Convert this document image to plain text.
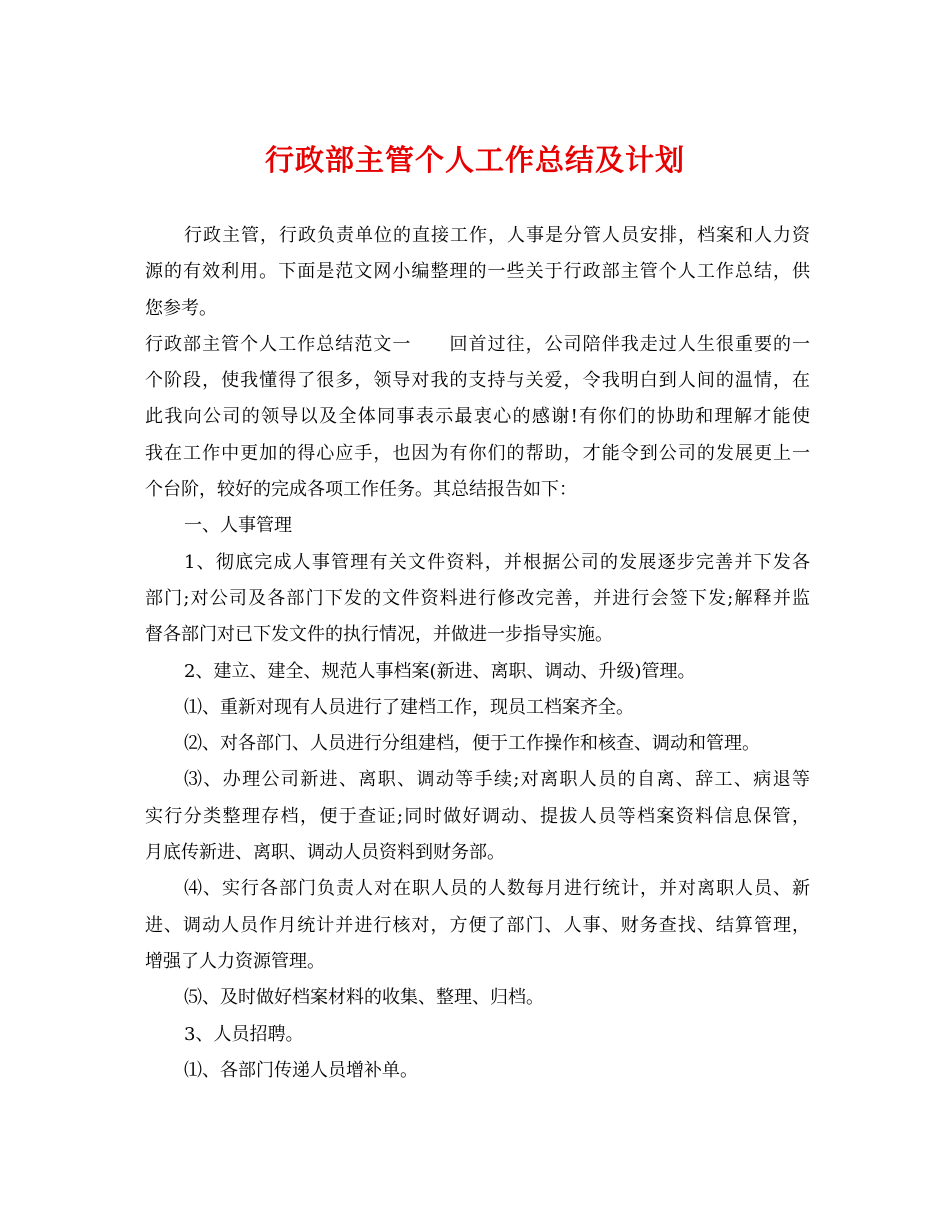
行政部主管个人工作总结及计划
行政主管，行政负责单位的直接工作，人事是分管人员安排，档案和人力资
源的有效利用。下面是范文网小编整理的一些关于行政部主管个人工作总结，供
您参考。
行政部主管个人工作总结范文一　　回首过往，公司陪伴我走过人生很重要的一
个阶段，使我懂得了很多，领导对我的支持与关爱，令我明白到人间的温情，在
此我向公司的领导以及全体同事表示最衷心的感谢!有你们的协助和理解才能使
我在工作中更加的得心应手，也因为有你们的帮助，才能令到公司的发展更上一
个台阶，较好的完成各项工作任务。其总结报告如下：
一、人事管理
1、彻底完成人事管理有关文件资料，并根据公司的发展逐步完善并下发各
部门;对公司及各部门下发的文件资料进行修改完善，并进行会签下发;解释并监
督各部门对已下发文件的执行情况，并做进一步指导实施。
2、建立、建全、规范人事档案(新进、离职、调动、升级)管理。
⑴、重新对现有人员进行了建档工作，现员工档案齐全。
⑵、对各部门、人员进行分组建档，便于工作操作和核查、调动和管理。
⑶、办理公司新进、离职、调动等手续;对离职人员的自离、辞工、病退等
实行分类整理存档，便于查证;同时做好调动、提拔人员等档案资料信息保管，
月底传新进、离职、调动人员资料到财务部。
⑷、实行各部门负责人对在职人员的人数每月进行统计，并对离职人员、新
进、调动人员作月统计并进行核对，方便了部门、人事、财务查找、结算管理，
增强了人力资源管理。
⑸、及时做好档案材料的收集、整理、归档。
3、人员招聘。
⑴、各部门传递人员增补单。
